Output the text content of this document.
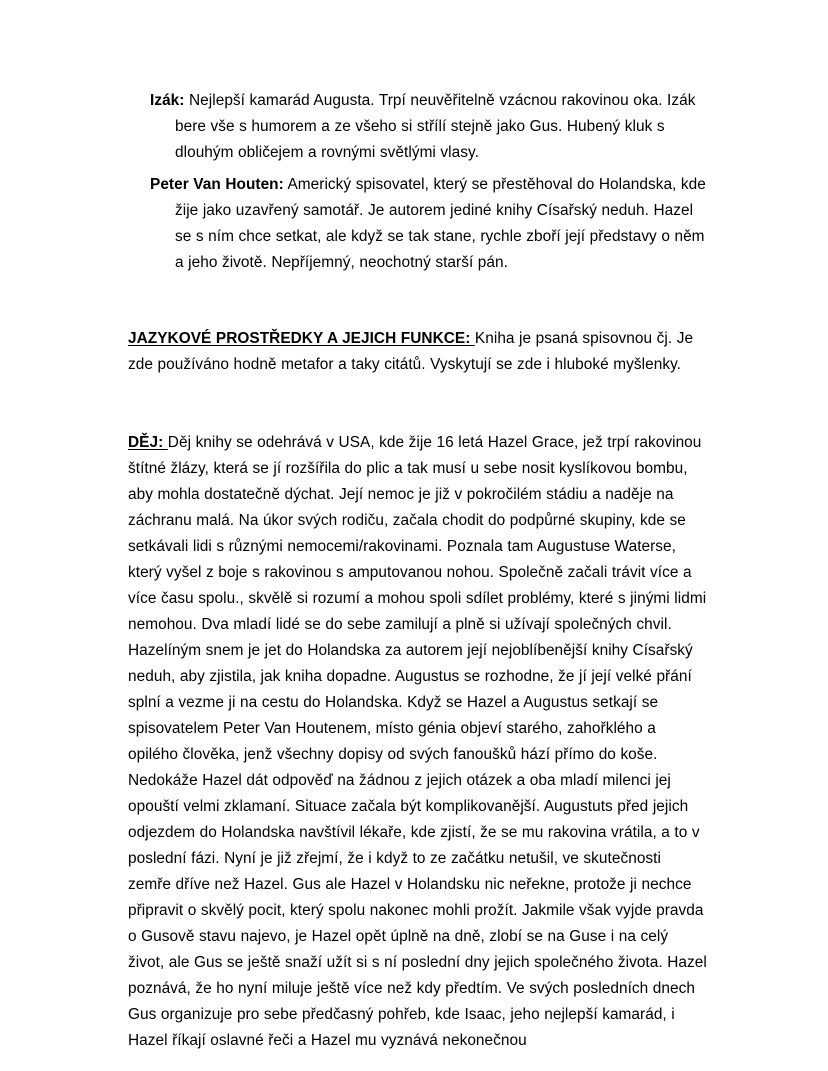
Izák: Nejlepší kamarád Augusta. Trpí neuvěřitelně vzácnou rakovinou oka. Izák bere vše s humorem a ze všeho si střílí stejně jako Gus. Hubený kluk s dlouhým obličejem a rovnými světlými vlasy.

Peter Van Houten: Americký spisovatel, který se přestěhoval do Holandska, kde žije jako uzavřený samotář. Je autorem jediné knihy Císařský neduh. Hazel se s ním chce setkat, ale když se tak stane, rychle zboří její představy o něm a jeho životě. Nepříjemný, neochotný starší pán.

JAZYKOVÉ PROSTŘEDKY A JEJICH FUNKCE: Kniha je psaná spisovnou čj. Je zde používáno hodně metafor a taky citátů. Vyskytují se zde i hluboké myšlenky.

DĚJ: Děj knihy se odehrává v USA, kde žije 16 letá Hazel Grace, jež trpí rakovinou štítné žlázy, která se jí rozšířila do plic a tak musí u sebe nosit kyslíkovou bombu, aby mohla dostatečně dýchat. Její nemoc je již v pokročilém stádiu a naděje na záchranu malá. Na úkor svých rodiču, začala chodit do podpůrné skupiny, kde se setkávali lidi s různými nemocemi/rakovinami. Poznala tam Augustuse Waterse, který vyšel z boje s rakovinou s amputovanou nohou. Společně začali trávit více a více času spolu., skvělě si rozumí a mohou spoli sdílet problémy, které s jinými lidmi nemohou. Dva mladí lidé se do sebe zamilují a plně si užívají společných chvil. Hazelíným snem je jet do Holandska za autorem její nejoblíbenější knihy Císařský neduh, aby zjistila, jak kniha dopadne. Augustus se rozhodne, že jí její velké přání splní a vezme ji na cestu do Holandska. Když se Hazel a Augustus setkají se spisovatelem Peter Van Houtenem, místo génia objeví starého, zahořklého a opilého člověka, jenž všechny dopisy od svých fanoušků hází přímo do koše. Nedokáže Hazel dát odpověď na žádnou z jejich otázek a oba mladí milenci jej opouští velmi zklamaní. Situace začala být komplikovanější. Augustuts před jejich odjezdem do Holandska navštívil lékaře, kde zjistí, že se mu rakovina vrátila, a to v poslední fázi. Nyní je již zřejmí, že i když to ze začátku netušil, ve skutečnosti zemře dříve než Hazel. Gus ale Hazel v Holandsku nic neřekne, protože ji nechce připravit o skvělý pocit, který spolu nakonec mohli prožít. Jakmile však vyjde pravda o Gusově stavu najevo, je Hazel opět úplně na dně, zlobí se na Guse i na celý život, ale Gus se ještě snaží užít si s ní poslední dny jejich společného života. Hazel poznává, že ho nyní miluje ještě více než kdy předtím. Ve svých posledních dnech Gus organizuje pro sebe předčasný pohřeb, kde Isaac, jeho nejlepší kamarád, i Hazel říkají oslavné řeči a Hazel mu vyznává nekonečnou
